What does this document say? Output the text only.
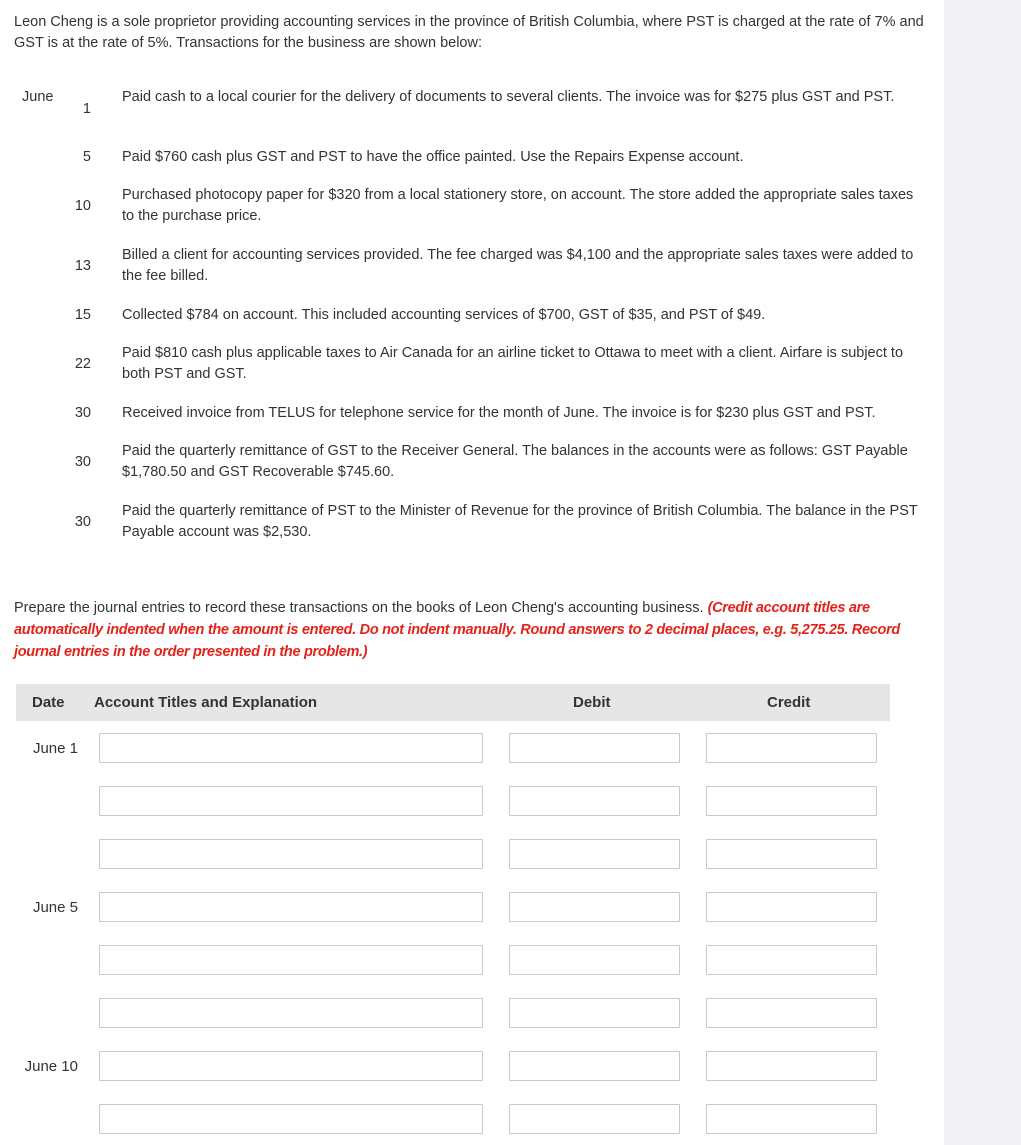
Leon Cheng is a sole proprietor providing accounting services in the province of British Columbia, where PST is charged at the rate of 7% and GST is at the rate of 5%. Transactions for the business are shown below:
June
1
Paid cash to a local courier for the delivery of documents to several clients. The invoice was for $275 plus GST and PST.
5 Paid $760 cash plus GST and PST to have the office painted. Use the Repairs Expense account.
10
Purchased photocopy paper for $320 from a local stationery store, on account. The store added the appropriate sales taxes to the purchase price.
13
Billed a client for accounting services provided. The fee charged was $4,100 and the appropriate sales taxes were added to the fee billed.
15 Collected $784 on account. This included accounting services of $700, GST of $35, and PST of $49.
22
Paid $810 cash plus applicable taxes to Air Canada for an airline ticket to Ottawa to meet with a client. Airfare is subject to both PST and GST.
30 Received invoice from TELUS for telephone service for the month of June. The invoice is for $230 plus GST and PST.
30
Paid the quarterly remittance of GST to the Receiver General. The balances in the accounts were as follows: GST Payable $1,780.50 and GST Recoverable $745.60.
30
Paid the quarterly remittance of PST to the Minister of Revenue for the province of British Columbia. The balance in the PST Payable account was $2,530.
Prepare the journal entries to record these transactions on the books of Leon Cheng's accounting business. (Credit account titles are automatically indented when the amount is entered. Do not indent manually. Round answers to 2 decimal places, e.g. 5,275.25. Record journal entries in the order presented in the problem.)
Date Account Titles and Explanation	Debit	Credit
June 1
June 5
June 10
